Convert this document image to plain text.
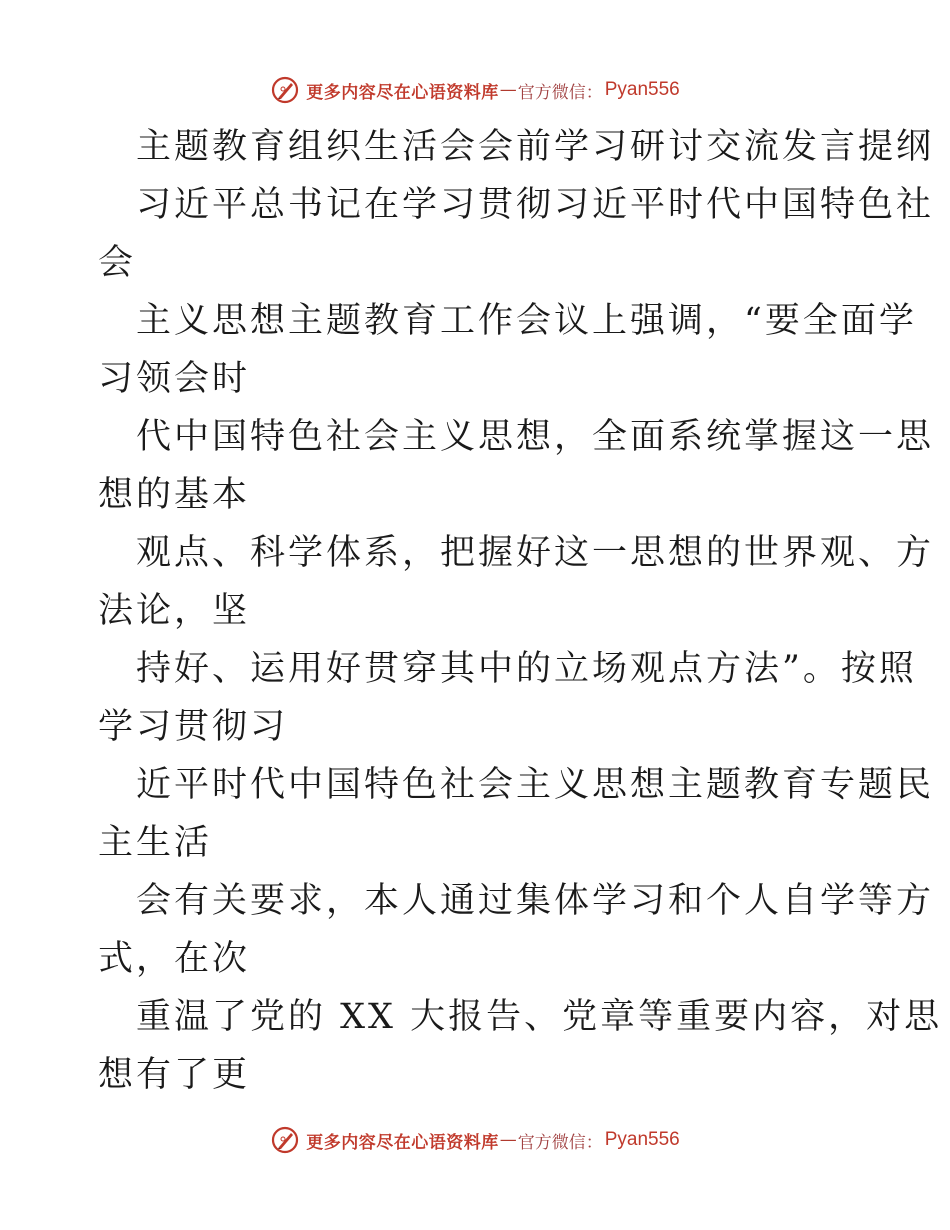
更多内容尽在心语资料库 — 官方微信： Pyan556
主题教育组织生活会会前学习研讨交流发言提纲
习近平总书记在学习贯彻习近平时代中国特色社
会
主义思想主题教育工作会议上强调，“要全面学
习领会时
代中国特色社会主义思想，全面系统掌握这一思
想的基本
观点、科学体系，把握好这一思想的世界观、方
法论，坚
持好、运用好贯穿其中的立场观点方法”。按照
学习贯彻习
近平时代中国特色社会主义思想主题教育专题民
主生活
会有关要求，本人通过集体学习和个人自学等方
式，在次
重温了党的 XX 大报告、党章等重要内容，对思
想有了更
更多内容尽在心语资料库 — 官方微信： Pyan556
